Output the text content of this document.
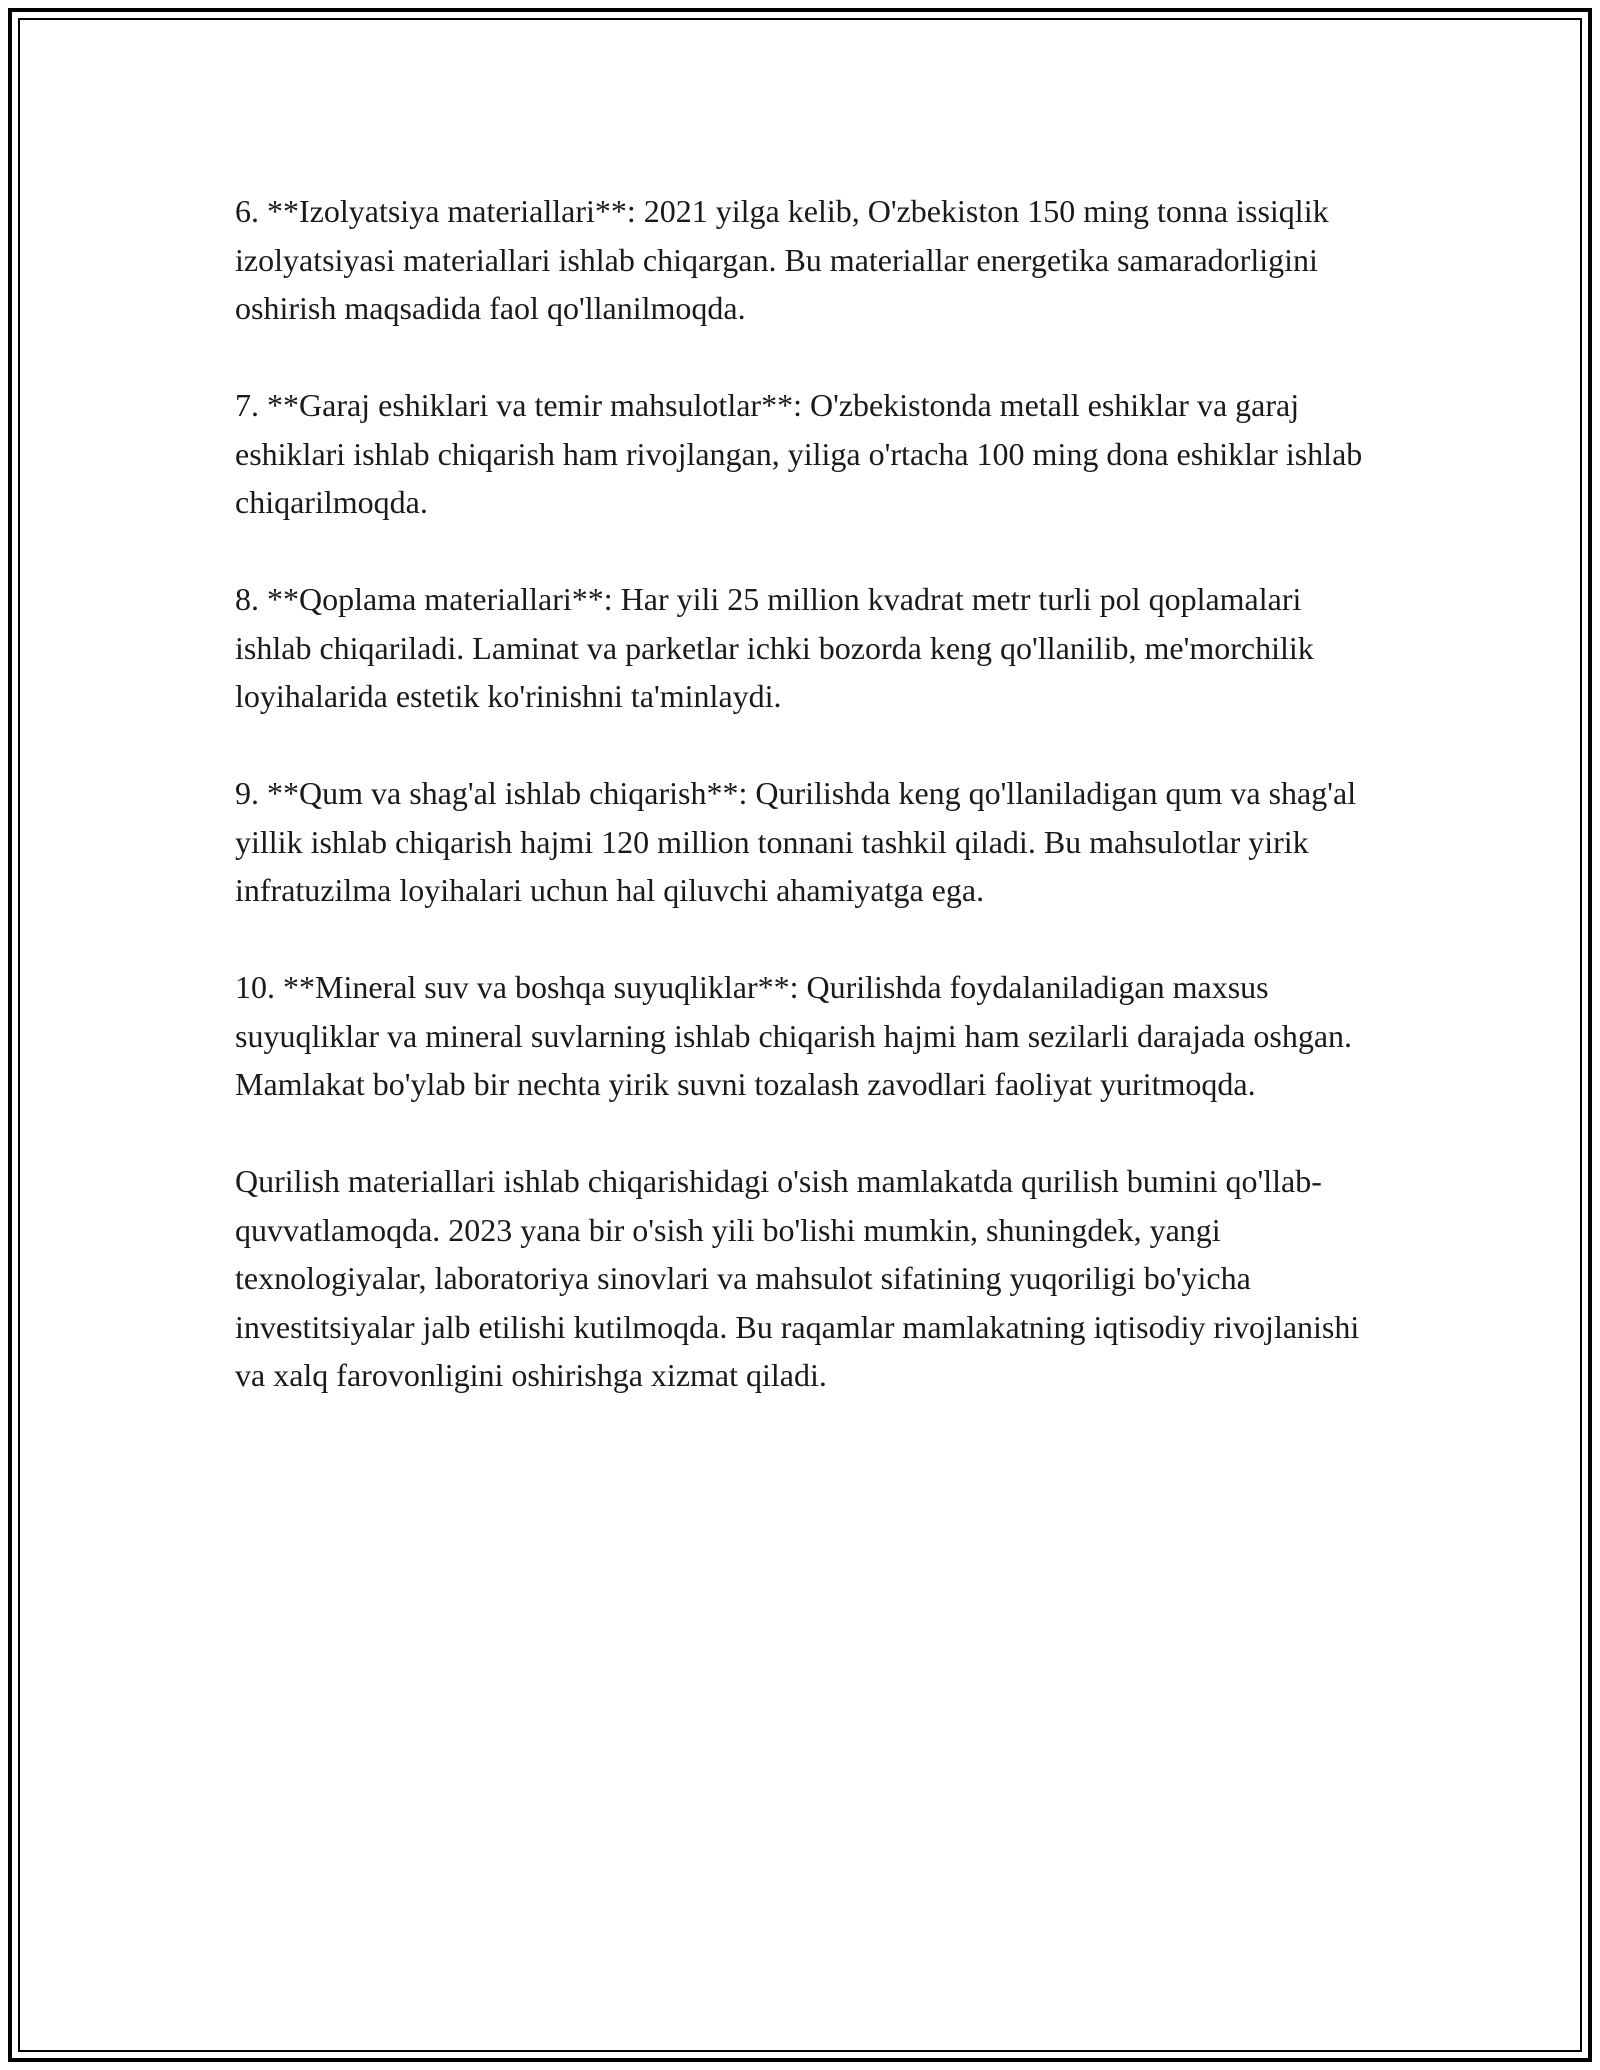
6. **Izolyatsiya materiallari**: 2021 yilga kelib, O'zbekiston 150 ming tonna issiqlik izolyatsiyasi materiallari ishlab chiqargan. Bu materiallar energetika samaradorligini oshirish maqsadida faol qo'llanilmoqda.

7. **Garaj eshiklari va temir mahsulotlar**: O'zbekistonda metall eshiklar va garaj eshiklari ishlab chiqarish ham rivojlangan, yiliga o'rtacha 100 ming dona eshiklar ishlab chiqarilmoqda.

8. **Qoplama materiallari**: Har yili 25 million kvadrat metr turli pol qoplamalari ishlab chiqariladi. Laminat va parketlar ichki bozorda keng qo'llanilib, me'morchilik loyihalarida estetik ko'rinishni ta'minlaydi.

9. **Qum va shag'al ishlab chiqarish**: Qurilishda keng qo'llaniladigan qum va shag'al yillik ishlab chiqarish hajmi 120 million tonnani tashkil qiladi. Bu mahsulotlar yirik infratuzilma loyihalari uchun hal qiluvchi ahamiyatga ega.

10. **Mineral suv va boshqa suyuqliklar**: Qurilishda foydalaniladigan maxsus suyuqliklar va mineral suvlarning ishlab chiqarish hajmi ham sezilarli darajada oshgan. Mamlakat bo'ylab bir nechta yirik suvni tozalash zavodlari faoliyat yuritmoqda.

Qurilish materiallari ishlab chiqarishidagi o'sish mamlakatda qurilish bumini qo'llab-quvvatlamoqda. 2023 yana bir o'sish yili bo'lishi mumkin, shuningdek, yangi texnologiyalar, laboratoriya sinovlari va mahsulot sifatining yuqoriligi bo'yicha investitsiyalar jalb etilishi kutilmoqda. Bu raqamlar mamlakatning iqtisodiy rivojlanishi va xalq farovonligini oshirishga xizmat qiladi.
